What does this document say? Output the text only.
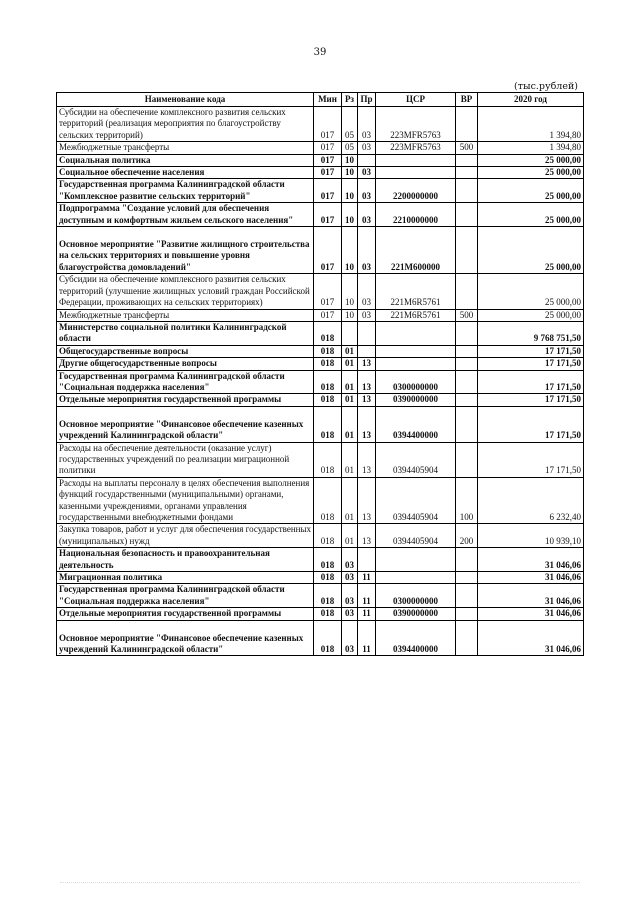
39
(тыс.рублей)
Наименование кода	Мин	Рз	Пр	ЦСР	ВР	2020 год
Субсидии на обеспечение комплексного развития сельских территорий (реализация мероприятия по благоустройству сельских территорий)	017	05	03	223МFR5763		1 394,80
Межбюджетные трансферты	017	05	03	223МFR5763	500	1 394,80
Социальная политика	017	10				25 000,00
Социальное обеспечение населения	017	10	03			25 000,00
Государственная программа Калининградской области "Комплексное развитие сельских территорий"	017	10	03	2200000000		25 000,00
Подпрограмма "Создание условий для обеспечения доступным и комфортным жильем сельского населения"	017	10	03	2210000000		25 000,00
Основное мероприятие "Развитие жилищного строительства на сельских территориях и повышение уровня благоустройства домовладений"	017	10	03	221М600000		25 000,00
Субсидии на обеспечение комплексного развития сельских территорий (улучшение жилищных условий граждан Российской Федерации, проживающих на сельских территориях)	017	10	03	221М6R5761		25 000,00
Межбюджетные трансферты	017	10	03	221М6R5761	500	25 000,00
Министерство социальной политики Калининградской области	018					9 768 751,50
Общегосударственные вопросы	018	01				17 171,50
Другие общегосударственные вопросы	018	01	13			17 171,50
Государственная программа Калининградской области "Социальная поддержка населения"	018	01	13	0300000000		17 171,50
Отдельные мероприятия государственной программы	018	01	13	0390000000		17 171,50
Основное мероприятие "Финансовое обеспечение казенных учреждений Калининградской области"	018	01	13	0394400000		17 171,50
Расходы на обеспечение деятельности (оказание услуг) государственных учреждений по реализации миграционной политики	018	01	13	0394405904		17 171,50
Расходы на выплаты персоналу в целях обеспечения выполнения функций государственными (муниципальными) органами, казенными учреждениями, органами управления государственными внебюджетными фондами	018	01	13	0394405904	100	6 232,40
Закупка товаров, работ и услуг для обеспечения государственных (муниципальных) нужд	018	01	13	0394405904	200	10 939,10
Национальная безопасность и правоохранительная деятельность	018	03				31 046,06
Миграционная политика	018	03	11			31 046,06
Государственная программа Калининградской области "Социальная поддержка населения"	018	03	11	0300000000		31 046,06
Отдельные мероприятия государственной программы	018	03	11	0390000000		31 046,06
Основное мероприятие "Финансовое обеспечение казенных учреждений Калининградской области"	018	03	11	0394400000		31 046,06
